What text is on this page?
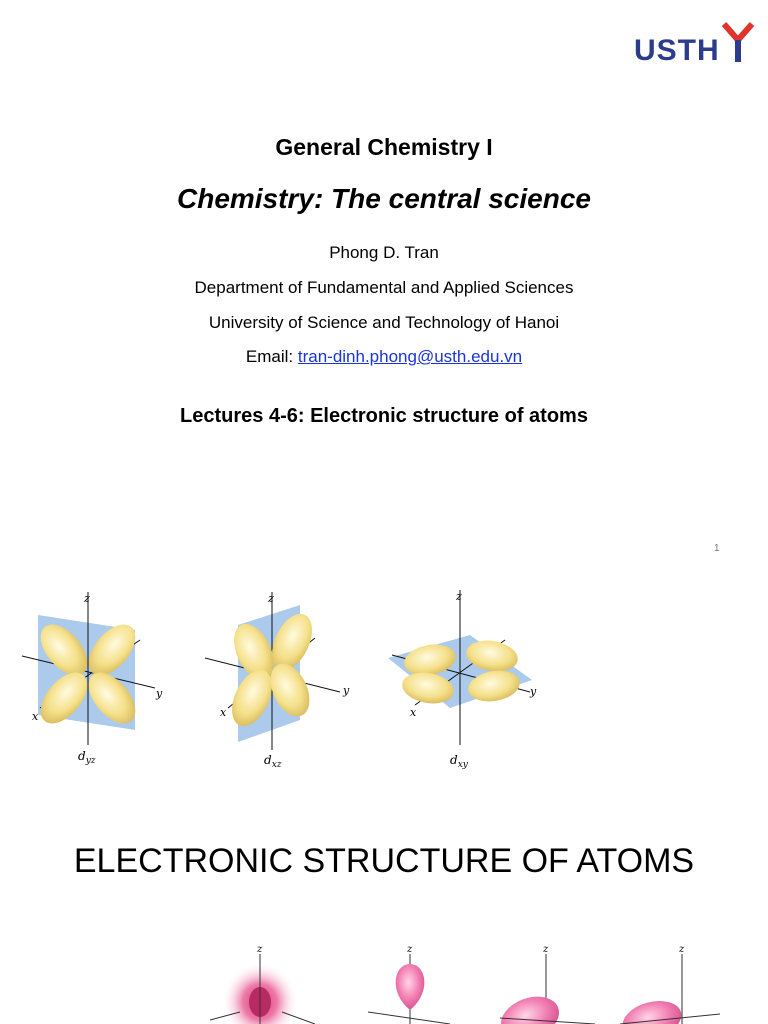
USTH
General Chemistry I
Chemistry: The central science
Phong D. Tran
Department of Fundamental and Applied Sciences
University of Science and Technology of Hanoi
Email: tran-dinh.phong@usth.edu.vn
Lectures 4-6: Electronic structure of atoms
1
z
y
x
$d_{yz}$
z
y
x
$d_{xz}$
z
y
x
$d_{xy}$
ELECTRONIC STRUCTURE OF ATOMS
z	z	z	z
